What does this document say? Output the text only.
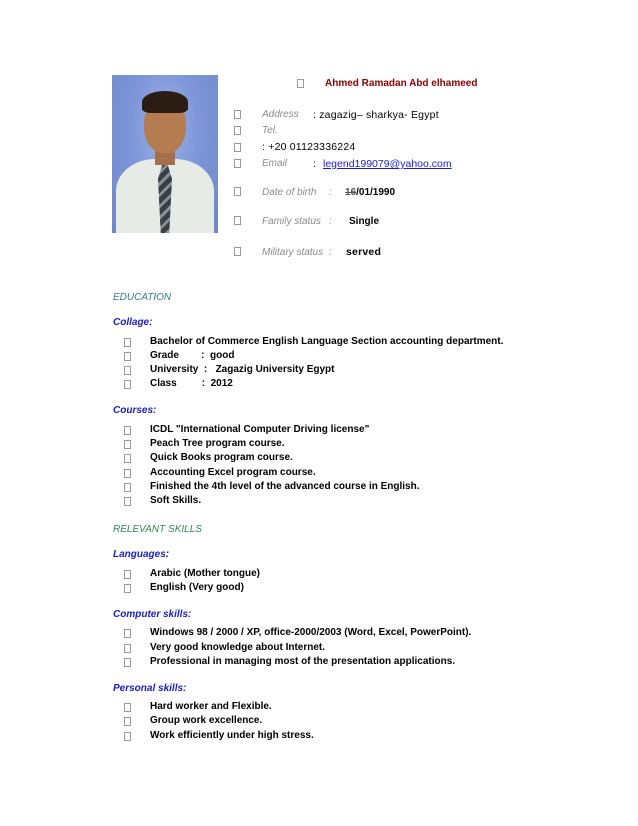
Ahmed Ramadan Abd elhameed
Address : zagazig– sharkya- Egypt
Tel.
: +20 01123336224
Email : legend199079@yahoo.com
Date of birth : 16/01/1990
Family status : Single
Military status : served
EDUCATION
Collage:
Bachelor of Commerce English Language Section accounting department.
Grade        :  good
University  :   Zagazig University Egypt
Class         :  2012
Courses:
ICDL "International Computer Driving license"
Peach Tree program course.
Quick Books program course.
Accounting Excel program course.
Finished the 4th level of the advanced course in English.
Soft Skills.
RELEVANT SKILLS
Languages:
Arabic (Mother tongue)
English (Very good)
Computer skills:
Windows 98 / 2000 / XP, office-2000/2003 (Word, Excel, PowerPoint).
Very good knowledge about Internet.
Professional in managing most of the presentation applications.
Personal skills:
Hard worker and Flexible.
Group work excellence.
Work efficiently under high stress.
